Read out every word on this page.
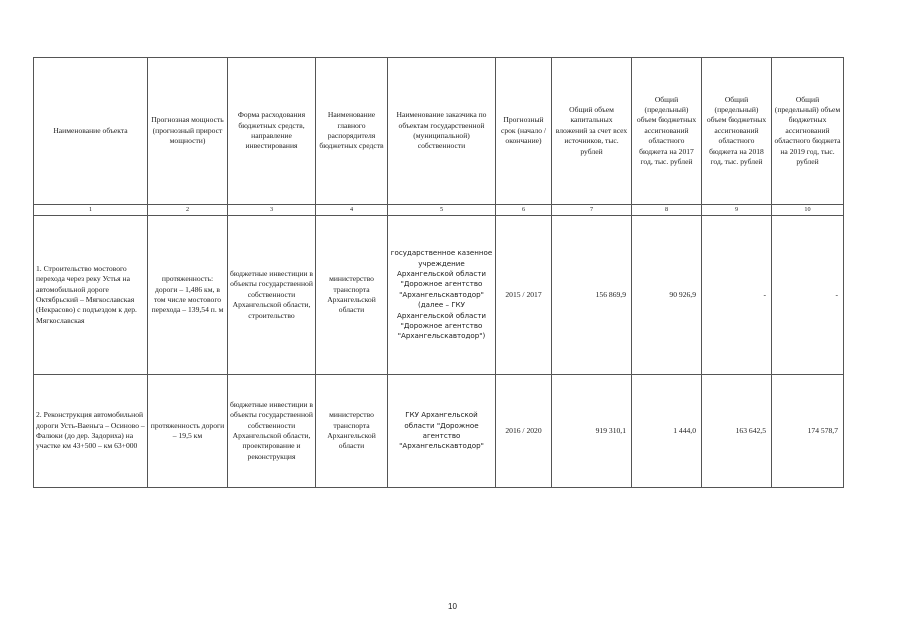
Наименование объекта	Прогнозная мощность (прогнозный прирост мощности)	Форма расходования бюджетных средств, направление инвестирования	Наименование главного распорядителя бюджетных средств	Наименование заказчика по объектам государственной (муниципальной) собственности	Прогнозный срок (начало / окончание)	Общий объем капитальных вложений за счет всех источников, тыс. рублей	Общий (предельный) объем бюджетных ассигнований областного бюджета на 2017 год, тыс. рублей	Общий (предельный) объем бюджетных ассигнований областного бюджета на 2018 год, тыс. рублей	Общий (предельный) объем бюджетных ассигнований областного бюджета на 2019 год, тыс. рублей
1	2	3	4	5	6	7	8	9	10
1. Строительство мостового перехода через реку Устья на автомобильной дороге Октябрьский – Мягкославская (Некрасово) с подъездом к дер. Мягкославская	протяженность: дороги – 1,486 км, в том числе мостового перехода – 139,54 п. м	бюджетные инвестиции в объекты государственной собственности Архангельской области, строительство	министерство транспорта Архангельской области	государственное казенное учреждение Архангельской области "Дорожное агентство "Архангельскавтодор" (далее – ГКУ Архангельской области "Дорожное агентство "Архангельскавтодор")	2015 / 2017	156 869,9	90 926,9	-	-
2. Реконструкция автомобильной дороги Усть-Ваеньга – Осиново – Фалюки (до дер. Задориха) на участке км 43+500 – км 63+000	протяженность дороги – 19,5 км	бюджетные инвестиции в объекты государственной собственности Архангельской области, проектирование и реконструкция	министерство транспорта Архангельской области	ГКУ Архангельской области "Дорожное агентство "Архангельскавтодор"	2016 / 2020	919 310,1	1 444,0	163 642,5	174 578,7
10
